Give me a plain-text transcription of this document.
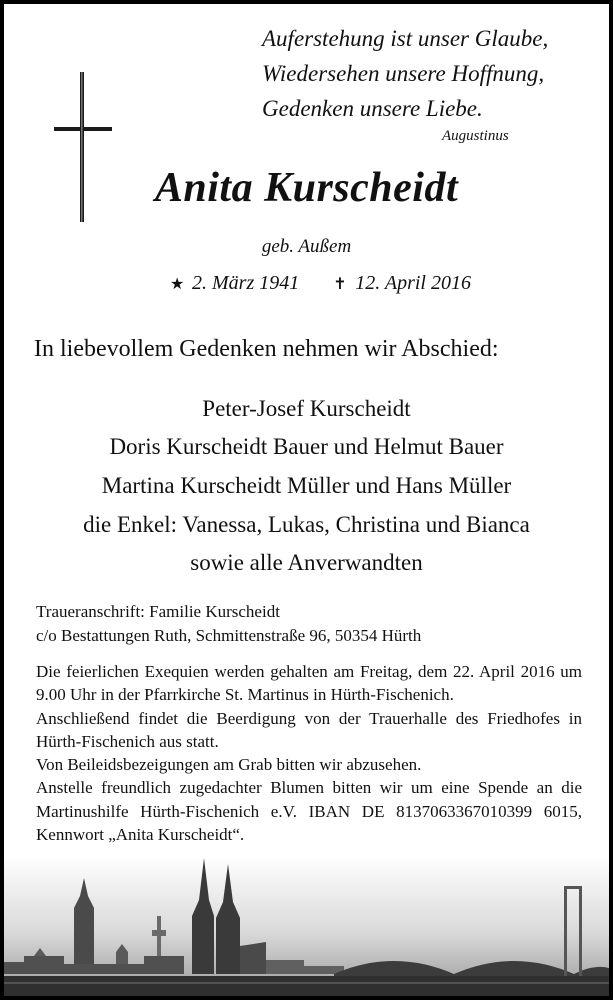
Auferstehung ist unser Glaube,
Wiedersehen unsere Hoffnung,
Gedenken unsere Liebe.
Augustinus
Anita Kurscheidt
geb. Außem
★ 2. März 1941 ✝ 12. April 2016
In liebevollem Gedenken nehmen wir Abschied:
Peter-Josef Kurscheidt
Doris Kurscheidt Bauer und Helmut Bauer
Martina Kurscheidt Müller und Hans Müller
die Enkel: Vanessa, Lukas, Christina und Bianca
sowie alle Anverwandten
Traueranschrift: Familie Kurscheidt
c/o Bestattungen Ruth, Schmittenstraße 96, 50354 Hürth

Die feierlichen Exequien werden gehalten am Freitag, dem 22. April 2016 um 9.00 Uhr in der Pfarrkirche St. Martinus in Hürth-Fischenich.

Anschließend findet die Beerdigung von der Trauerhalle des Friedhofes in Hürth-Fischenich aus statt.

Von Beileidsbezeigungen am Grab bitten wir abzusehen.

Anstelle freundlich zugedachter Blumen bitten wir um eine Spende an die Martinushilfe Hürth-Fischenich e.V. IBAN DE 8137063367010399 6015, Kennwort „Anita Kurscheidt“.
